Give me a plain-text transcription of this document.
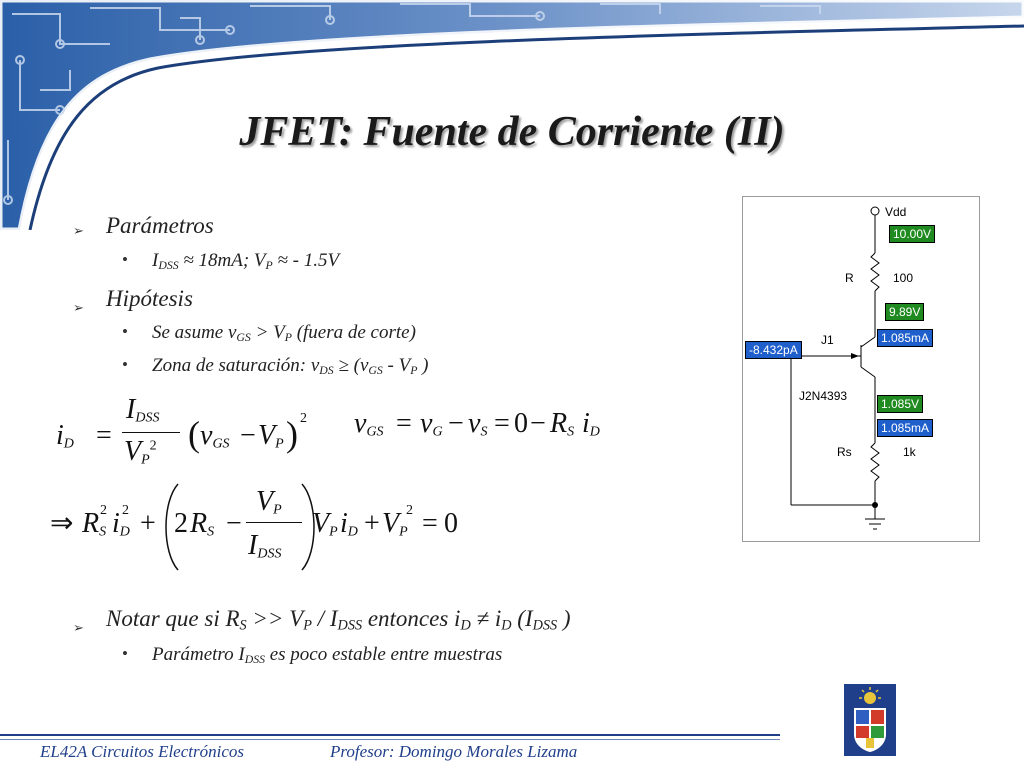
JFET: Fuente de Corriente (II)
➢ Parámetros
• $I_{DSS} \approx 18mA$; $V_P$ ≈ - 1.5V
➢ Hipótesis
• Se asume $v_{GS} > V_P$ (fuera de corte)
• Zona de saturación: $v_{DS} \ge (v_{GS} - V_P$ )
$i_D$ =
$I_{DSS}$
$V_P^2$ ( $v_{GS} - V_P$ ) 2 $v_{GS} = v_G - v_S = 0 - R_S$ $i_D$
⇒ $R_S$
2 $i_D$
2 + 2 $R_S$ −
$V_P$
$I_{DSS}$
$V_P$ $i_D + V_P$
2 = 0
➢ Notar que si $R_S >> V_P / I_{DSS}$ entonces $i_D \ne i_D$ ($I_{DSS}$ )
• Parámetro $I_{DSS}$ es poco estable entre muestras
Vdd
10.00V
R	100
9.89V
J1	1.085mA
-8.432pA
J2N4393
1.085V
1.085mA
Rs	1k
EL42A Circuitos Electrónicos	Profesor: Domingo Morales Lizama
